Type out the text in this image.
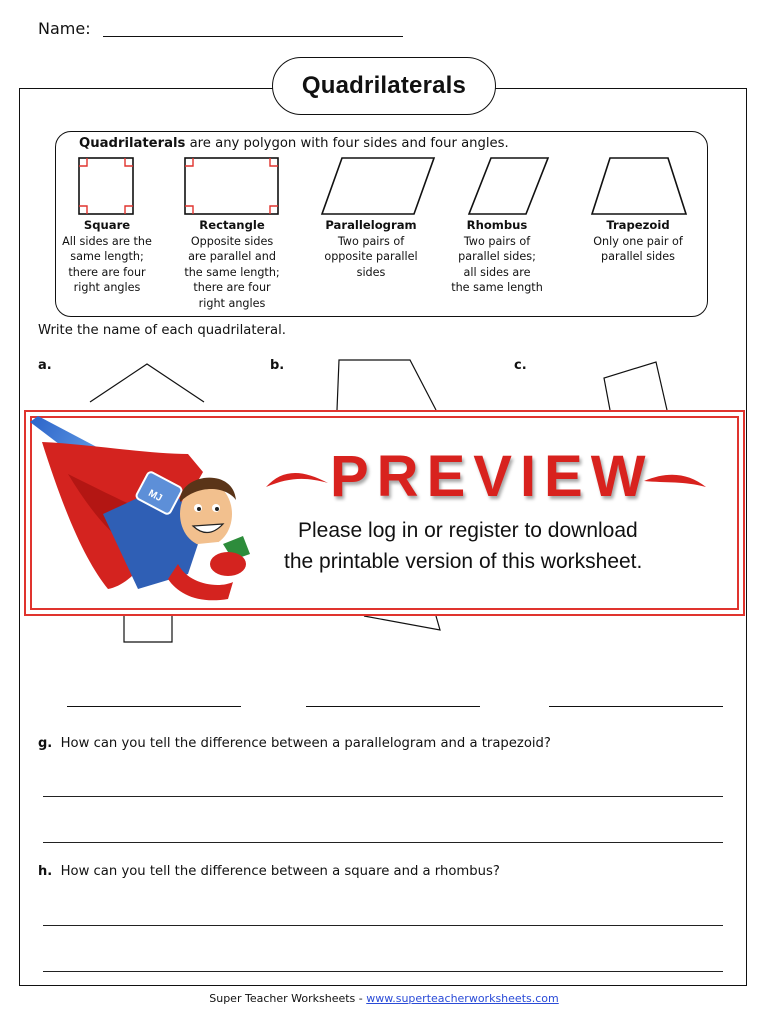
Name:
Quadrilaterals
Quadrilaterals are any polygon with four sides and four angles.
Square
All sides are the
same length;
there are four
right angles
Rectangle
Opposite sides
are parallel and
the same length;
there are four
right angles
Parallelogram
Two pairs of
opposite parallel
sides
Rhombus
Two pairs of
parallel sides;
all sides are
the same length
Trapezoid
Only one pair of
parallel sides
Write the name of each quadrilateral.
a.	b.	c.
MJ	PREVIEW
Please log in or register to download
the printable version of this worksheet.
g. How can you tell the difference between a parallelogram and a trapezoid?
h. How can you tell the difference between a square and a rhombus?
Super Teacher Worksheets - www.superteacherworksheets.com
